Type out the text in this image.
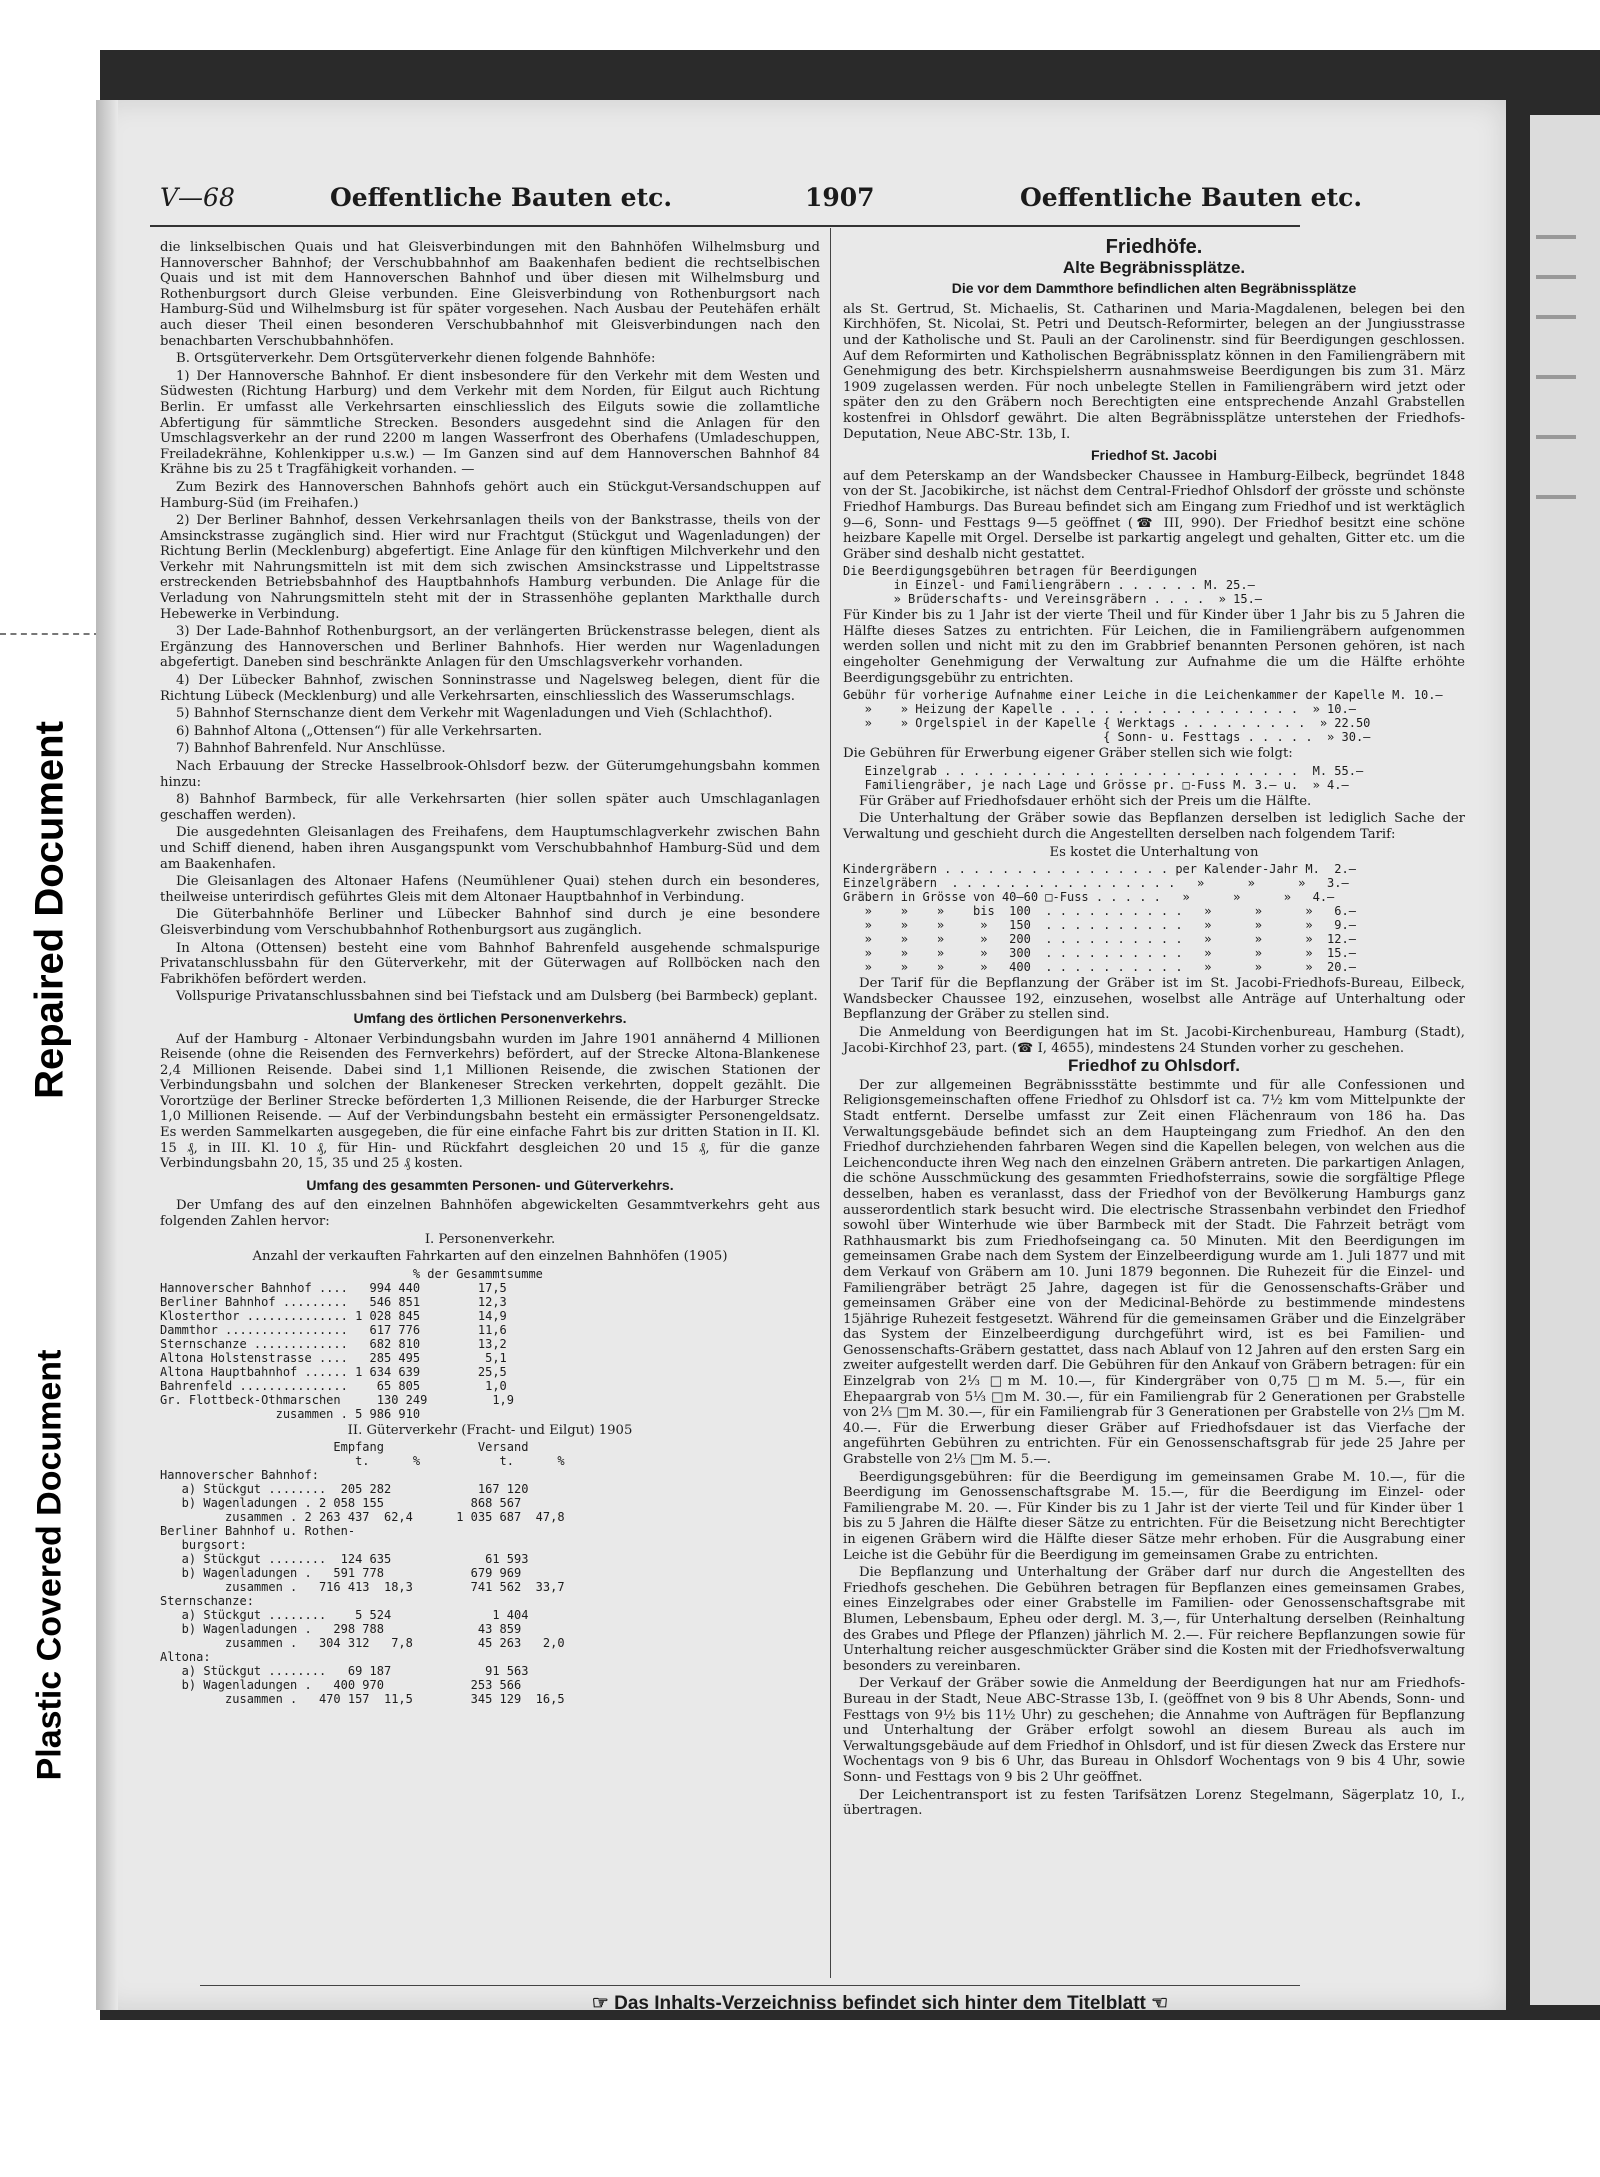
Repaired Document
Plastic Covered Document
V—68	Oeffentliche Bauten etc.	1907	Oeffentliche Bauten etc.

die linkselbischen Quais und hat Gleisverbindungen mit den Bahnhöfen Wilhelmsburg und Hannoverscher Bahnhof; der Verschubbahnhof am Baakenhafen bedient die rechtselbischen Quais und ist mit dem Hannoverschen Bahnhof und über diesen mit Wilhelmsburg und Rothenburgsort durch Gleise verbunden. Eine Gleisverbindung von Rothenburgsort nach Hamburg-Süd und Wilhelmsburg ist für später vorgesehen. Nach Ausbau der Peutehäfen erhält auch dieser Theil einen besonderen Verschubbahnhof mit Gleisverbindungen nach den benachbarten Verschubbahnhöfen.

B. Ortsgüterverkehr. Dem Ortsgüterverkehr dienen folgende Bahnhöfe:

1) Der Hannoversche Bahnhof. Er dient insbesondere für den Verkehr mit dem Westen und Südwesten (Richtung Harburg) und dem Verkehr mit dem Norden, für Eilgut auch Richtung Berlin. Er umfasst alle Verkehrsarten einschliesslich des Eilguts sowie die zollamtliche Abfertigung für sämmtliche Strecken. Besonders ausgedehnt sind die Anlagen für den Umschlagsverkehr an der rund 2200 m langen Wasserfront des Oberhafens (Umladeschuppen, Freiladekrähne, Kohlenkipper u.s.w.) — Im Ganzen sind auf dem Hannoverschen Bahnhof 84 Krähne bis zu 25 t Tragfähigkeit vorhanden. —

Zum Bezirk des Hannoverschen Bahnhofs gehört auch ein Stückgut-Versandschuppen auf Hamburg-Süd (im Freihafen.)

2) Der Berliner Bahnhof, dessen Verkehrsanlagen theils von der Bankstrasse, theils von der Amsinckstrasse zugänglich sind. Hier wird nur Frachtgut (Stückgut und Wagenladungen) der Richtung Berlin (Mecklenburg) abgefertigt. Eine Anlage für den künftigen Milchverkehr und den Verkehr mit Nahrungsmitteln ist mit dem sich zwischen Amsinckstrasse und Lippeltstrasse erstreckenden Betriebsbahnhof des Hauptbahnhofs Hamburg verbunden. Die Anlage für die Verladung von Nahrungsmitteln steht mit der in Strassenhöhe geplanten Markthalle durch Hebewerke in Verbindung.

3) Der Lade-Bahnhof Rothenburgsort, an der verlängerten Brückenstrasse belegen, dient als Ergänzung des Hannoverschen und Berliner Bahnhofs. Hier werden nur Wagenladungen abgefertigt. Daneben sind beschränkte Anlagen für den Umschlagsverkehr vorhanden.

4) Der Lübecker Bahnhof, zwischen Sonninstrasse und Nagelsweg belegen, dient für die Richtung Lübeck (Mecklenburg) und alle Verkehrsarten, einschliesslich des Wasserumschlags.

5) Bahnhof Sternschanze dient dem Verkehr mit Wagenladungen und Vieh (Schlachthof).

6) Bahnhof Altona („Ottensen“) für alle Verkehrsarten.

7) Bahnhof Bahrenfeld. Nur Anschlüsse.

Nach Erbauung der Strecke Hasselbrook-Ohlsdorf bezw. der Güterumgehungsbahn kommen hinzu:

8) Bahnhof Barmbeck, für alle Verkehrsarten (hier sollen später auch Umschlaganlagen geschaffen werden).

Die ausgedehnten Gleisanlagen des Freihafens, dem Hauptumschlagverkehr zwischen Bahn und Schiff dienend, haben ihren Ausgangspunkt vom Verschubbahnhof Hamburg-Süd und dem am Baakenhafen.

Die Gleisanlagen des Altonaer Hafens (Neumühlener Quai) stehen durch ein besonderes, theilweise unterirdisch geführtes Gleis mit dem Altonaer Hauptbahnhof in Verbindung.

Die Güterbahnhöfe Berliner und Lübecker Bahnhof sind durch je eine besondere Gleisverbindung vom Verschubbahnhof Rothenburgsort aus zugänglich.

In Altona (Ottensen) besteht eine vom Bahnhof Bahrenfeld ausgehende schmalspurige Privatanschlussbahn für den Güterverkehr, mit der Güterwagen auf Rollböcken nach den Fabrikhöfen befördert werden.

Vollspurige Privatanschlussbahnen sind bei Tiefstack und am Dulsberg (bei Barmbeck) geplant.

Umfang des örtlichen Personenverkehrs.

Auf der Hamburg - Altonaer Verbindungsbahn wurden im Jahre 1901 annähernd 4 Millionen Reisende (ohne die Reisenden des Fernverkehrs) befördert, auf der Strecke Altona-Blankenese 2,4 Millionen Reisende. Dabei sind 1,1 Millionen Reisende, die zwischen Stationen der Verbindungsbahn und solchen der Blankeneser Strecken verkehrten, doppelt gezählt. Die Vorortzüge der Berliner Strecke beförderten 1,3 Millionen Reisende, die der Harburger Strecke 1,0 Millionen Reisende. — Auf der Verbindungsbahn besteht ein ermässigter Personengeldsatz. Es werden Sammelkarten ausgegeben, die für eine einfache Fahrt bis zur dritten Station in II. Kl. 15 ₰, in III. Kl. 10 ₰, für Hin- und Rückfahrt desgleichen 20 und 15 ₰, für die ganze Verbindungsbahn 20, 15, 35 und 25 ₰ kosten.

Umfang des gesammten Personen- und Güterverkehrs.

Der Umfang des auf den einzelnen Bahnhöfen abgewickelten Gesammtverkehrs geht aus folgenden Zahlen hervor:

I. Personenverkehr.

Anzahl der verkauften Fahrkarten auf den einzelnen Bahnhöfen (1905)

% der Gesammtsumme
Hannoverscher Bahnhof ....   994 440        17,5
Berliner Bahnhof .........   546 851        12,3
Klosterthor .............. 1 028 845        14,9
Dammthor .................   617 776        11,6
Sternschanze .............   682 810        13,2
Altona Holstenstrasse ....   285 495         5,1
Altona Hauptbahnhof ...... 1 634 639        25,5
Bahrenfeld ...............    65 805         1,0
Gr. Flottbeck-Othmarschen     130 249         1,9
zusammen . 5 986 910

II. Güterverkehr (Fracht- und Eilgut) 1905

Empfang             Versand
t.      %           t.      %
Hannoverscher Bahnhof:
a) Stückgut ........  205 282            167 120
b) Wagenladungen . 2 058 155            868 567
zusammen . 2 263 437  62,4      1 035 687  47,8
Berliner Bahnhof u. Rothen-
burgsort:
a) Stückgut ........  124 635             61 593
b) Wagenladungen .   591 778            679 969
zusammen .   716 413  18,3        741 562  33,7
Sternschanze:
a) Stückgut ........    5 524              1 404
b) Wagenladungen .   298 788             43 859
zusammen .   304 312   7,8         45 263   2,0
Altona:
a) Stückgut ........   69 187             91 563
b) Wagenladungen .   400 970            253 566
zusammen .   470 157  11,5        345 129  16,5

Friedhöfe.

Alte Begräbnissplätze.

Die vor dem Dammthore befindlichen alten Begräbnissplätze

als St. Gertrud, St. Michaelis, St. Catharinen und Maria-Magdalenen, belegen bei den Kirchhöfen, St. Nicolai, St. Petri und Deutsch-Reformirter, belegen an der Jungiusstrasse und der Katholische und St. Pauli an der Carolinenstr. sind für Beerdigungen geschlossen. Auf dem Reformirten und Katholischen Begräbnissplatz können in den Familiengräbern mit Genehmigung des betr. Kirchspielsherrn ausnahmsweise Beerdigungen bis zum 31. März 1909 zugelassen werden. Für noch unbelegte Stellen in Familiengräbern wird jetzt oder später den zu den Gräbern noch Berechtigten eine entsprechende Anzahl Grabstellen kostenfrei in Ohlsdorf gewährt. Die alten Begräbnissplätze unterstehen der Friedhofs-Deputation, Neue ABC-Str. 13b, I.

Friedhof St. Jacobi

auf dem Peterskamp an der Wandsbecker Chaussee in Hamburg-Eilbeck, begründet 1848 von der St. Jacobikirche, ist nächst dem Central-Friedhof Ohlsdorf der grösste und schönste Friedhof Hamburgs. Das Bureau befindet sich am Eingang zum Friedhof und ist werktäglich 9—6, Sonn- und Festtags 9—5 geöffnet (☎ III, 990). Der Friedhof besitzt eine schöne heizbare Kapelle mit Orgel. Derselbe ist parkartig angelegt und gehalten, Gitter etc. um die Gräber sind deshalb nicht gestattet.

Die Beerdigungsgebühren betragen für Beerdigungen
in Einzel- und Familiengräbern . . . . . . M. 25.—
» Brüderschafts- und Vereinsgräbern . . . .  » 15.—

Für Kinder bis zu 1 Jahr ist der vierte Theil und für Kinder über 1 Jahr bis zu 5 Jahren die Hälfte dieses Satzes zu entrichten. Für Leichen, die in Familiengräbern aufgenommen werden sollen und nicht mit zu den im Grabbrief benannten Personen gehören, ist nach eingeholter Genehmigung der Verwaltung zur Aufnahme die um die Hälfte erhöhte Beerdigungsgebühr zu entrichten.

Gebühr für vorherige Aufnahme einer Leiche in die Leichenkammer der Kapelle M. 10.—
»    » Heizung der Kapelle . . . . . . . . . . . . . . . . .  » 10.—
»    » Orgelspiel in der Kapelle { Werktags . . . . . . . . .  » 22.50
{ Sonn- u. Festtags . . . . .  » 30.—

Die Gebühren für Erwerbung eigener Gräber stellen sich wie folgt:

Einzelgrab . . . . . . . . . . . . . . . . . . . . . . . . .  M. 55.—
Familiengräber, je nach Lage und Grösse pr. □-Fuss M. 3.— u.  » 4.—

Für Gräber auf Friedhofsdauer erhöht sich der Preis um die Hälfte.

Die Unterhaltung der Gräber sowie das Bepflanzen derselben ist lediglich Sache der Verwaltung und geschieht durch die Angestellten derselben nach folgendem Tarif:

Es kostet die Unterhaltung von

Kindergräbern . . . . . . . . . . . . . . . . per Kalender-Jahr M.  2.—
Einzelgräbern  . . . . . . . . . . . . . . . .   »      »      »   3.—
Gräbern in Grösse von 40—60 □-Fuss . . . . .   »      »      »   4.—
»    »    »    bis  100  . . . . . . . . . .   »      »      »   6.—
»    »    »     »   150  . . . . . . . . . .   »      »      »   9.—
»    »    »     »   200  . . . . . . . . . .   »      »      »  12.—
»    »    »     »   300  . . . . . . . . . .   »      »      »  15.—
»    »    »     »   400  . . . . . . . . . .   »      »      »  20.—

Der Tarif für die Bepflanzung der Gräber ist im St. Jacobi-Friedhofs-Bureau, Eilbeck, Wandsbecker Chaussee 192, einzusehen, woselbst alle Anträge auf Unterhaltung oder Bepflanzung der Gräber zu stellen sind.

Die Anmeldung von Beerdigungen hat im St. Jacobi-Kirchenbureau, Hamburg (Stadt), Jacobi-Kirchhof 23, part. (☎ I, 4655), mindestens 24 Stunden vorher zu geschehen.

Friedhof zu Ohlsdorf.

Der zur allgemeinen Begräbnissstätte bestimmte und für alle Confessionen und Religionsgemeinschaften offene Friedhof zu Ohlsdorf ist ca. 7½ km vom Mittelpunkte der Stadt entfernt. Derselbe umfasst zur Zeit einen Flächenraum von 186 ha. Das Verwaltungsgebäude befindet sich an dem Haupteingang zum Friedhof. An den den Friedhof durchziehenden fahrbaren Wegen sind die Kapellen belegen, von welchen aus die Leichenconducte ihren Weg nach den einzelnen Gräbern antreten. Die parkartigen Anlagen, die schöne Ausschmückung des gesammten Friedhofsterrains, sowie die sorgfältige Pflege desselben, haben es veranlasst, dass der Friedhof von der Bevölkerung Hamburgs ganz ausserordentlich stark besucht wird. Die electrische Strassenbahn verbindet den Friedhof sowohl über Winterhude wie über Barmbeck mit der Stadt. Die Fahrzeit beträgt vom Rathhausmarkt bis zum Friedhofseingang ca. 50 Minuten. Mit den Beerdigungen im gemeinsamen Grabe nach dem System der Einzelbeerdigung wurde am 1. Juli 1877 und mit dem Verkauf von Gräbern am 10. Juni 1879 begonnen. Die Ruhezeit für die Einzel- und Familiengräber beträgt 25 Jahre, dagegen ist für die Genossenschafts-Gräber und gemeinsamen Gräber eine von der Medicinal-Behörde zu bestimmende mindestens 15jährige Ruhezeit festgesetzt. Während für die gemeinsamen Gräber und die Einzelgräber das System der Einzelbeerdigung durchgeführt wird, ist es bei Familien- und Genossenschafts-Gräbern gestattet, dass nach Ablauf von 12 Jahren auf den ersten Sarg ein zweiter aufgestellt werden darf. Die Gebühren für den Ankauf von Gräbern betragen: für ein Einzelgrab von 2⅓ □m M. 10.—, für Kindergräber von 0,75 □m M. 5.—, für ein Ehepaargrab von 5⅓ □m M. 30.—, für ein Familiengrab für 2 Generationen per Grabstelle von 2⅓ □m M. 30.—, für ein Familiengrab für 3 Generationen per Grabstelle von 2⅓ □m M. 40.—. Für die Erwerbung dieser Gräber auf Friedhofsdauer ist das Vierfache der angeführten Gebühren zu entrichten. Für ein Genossenschaftsgrab für jede 25 Jahre per Grabstelle von 2⅓ □m M. 5.—.

Beerdigungsgebühren: für die Beerdigung im gemeinsamen Grabe M. 10.—, für die Beerdigung im Genossenschaftsgrabe M. 15.—, für die Beerdigung im Einzel- oder Familiengrabe M. 20. —. Für Kinder bis zu 1 Jahr ist der vierte Teil und für Kinder über 1 bis zu 5 Jahren die Hälfte dieser Sätze zu entrichten. Für die Beisetzung nicht Berechtigter in eigenen Gräbern wird die Hälfte dieser Sätze mehr erhoben. Für die Ausgrabung einer Leiche ist die Gebühr für die Beerdigung im gemeinsamen Grabe zu entrichten.

Die Bepflanzung und Unterhaltung der Gräber darf nur durch die Angestellten des Friedhofs geschehen. Die Gebühren betragen für Bepflanzen eines gemeinsamen Grabes, eines Einzelgrabes oder einer Grabstelle im Familien- oder Genossenschaftsgrabe mit Blumen, Lebensbaum, Epheu oder dergl. M. 3,—, für Unterhaltung derselben (Reinhaltung des Grabes und Pflege der Pflanzen) jährlich M. 2.—. Für reichere Bepflanzungen sowie für Unterhaltung reicher ausgeschmückter Gräber sind die Kosten mit der Friedhofsverwaltung besonders zu vereinbaren.

Der Verkauf der Gräber sowie die Anmeldung der Beerdigungen hat nur am Friedhofs-Bureau in der Stadt, Neue ABC-Strasse 13b, I. (geöffnet von 9 bis 8 Uhr Abends, Sonn- und Festtags von 9½ bis 11½ Uhr) zu geschehen; die Annahme von Aufträgen für Bepflanzung und Unterhaltung der Gräber erfolgt sowohl an diesem Bureau als auch im Verwaltungsgebäude auf dem Friedhof in Ohlsdorf, und ist für diesen Zweck das Erstere nur Wochentags von 9 bis 6 Uhr, das Bureau in Ohlsdorf Wochentags von 9 bis 4 Uhr, sowie Sonn- und Festtags von 9 bis 2 Uhr geöffnet.

Der Leichentransport ist zu festen Tarifsätzen Lorenz Stegelmann, Sägerplatz 10, I., übertragen.

☞ Das Inhalts-Verzeichniss befindet sich hinter dem Titelblatt ☜
